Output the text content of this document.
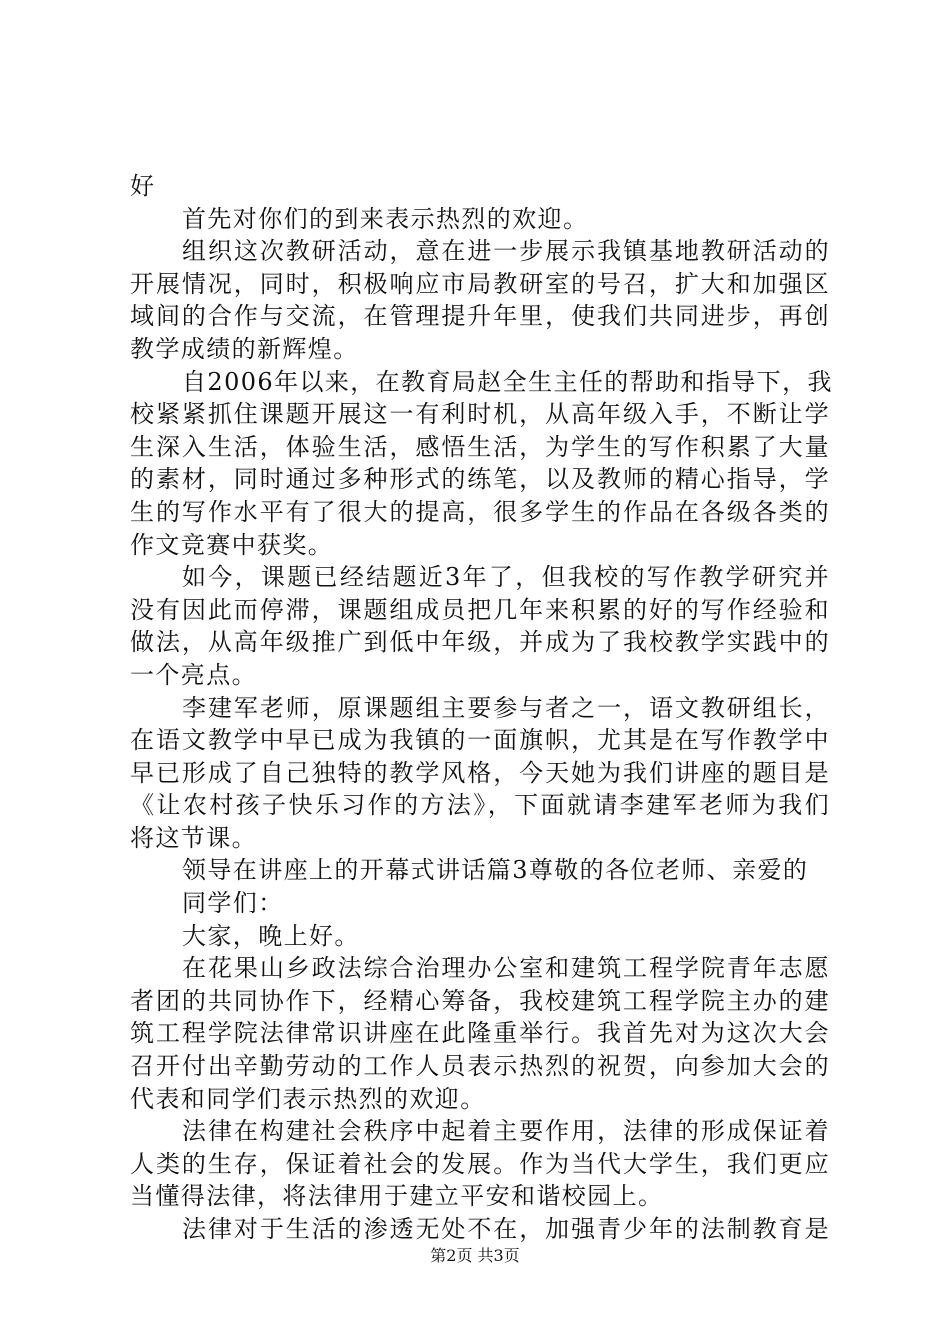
好
首先对你们的到来表示热烈的欢迎。
组织这次教研活动，意在进一步展示我镇基地教研活动的
开展情况，同时，积极响应市局教研室的号召，扩大和加强区
域间的合作与交流，在管理提升年里，使我们共同进步，再创
教学成绩的新辉煌。
自2006年以来，在教育局赵全生主任的帮助和指导下，我
校紧紧抓住课题开展这一有利时机，从高年级入手，不断让学
生深入生活，体验生活，感悟生活，为学生的写作积累了大量
的素材，同时通过多种形式的练笔，以及教师的精心指导，学
生的写作水平有了很大的提高，很多学生的作品在各级各类的
作文竞赛中获奖。
如今，课题已经结题近3年了，但我校的写作教学研究并
没有因此而停滞，课题组成员把几年来积累的好的写作经验和
做法，从高年级推广到低中年级，并成为了我校教学实践中的
一个亮点。
李建军老师，原课题组主要参与者之一，语文教研组长，
在语文教学中早已成为我镇的一面旗帜，尤其是在写作教学中
早已形成了自己独特的教学风格，今天她为我们讲座的题目是
《让农村孩子快乐习作的方法》，下面就请李建军老师为我们
将这节课。
领导在讲座上的开幕式讲话篇3尊敬的各位老师、亲爱的
同学们：
大家，晚上好。
在花果山乡政法综合治理办公室和建筑工程学院青年志愿
者团的共同协作下，经精心筹备，我校建筑工程学院主办的建
筑工程学院法律常识讲座在此隆重举行。我首先对为这次大会
召开付出辛勤劳动的工作人员表示热烈的祝贺，向参加大会的
代表和同学们表示热烈的欢迎。
法律在构建社会秩序中起着主要作用，法律的形成保证着
人类的生存，保证着社会的发展。作为当代大学生，我们更应
当懂得法律，将法律用于建立平安和谐校园上。
法律对于生活的渗透无处不在，加强青少年的法制教育是
第2页 共3页
